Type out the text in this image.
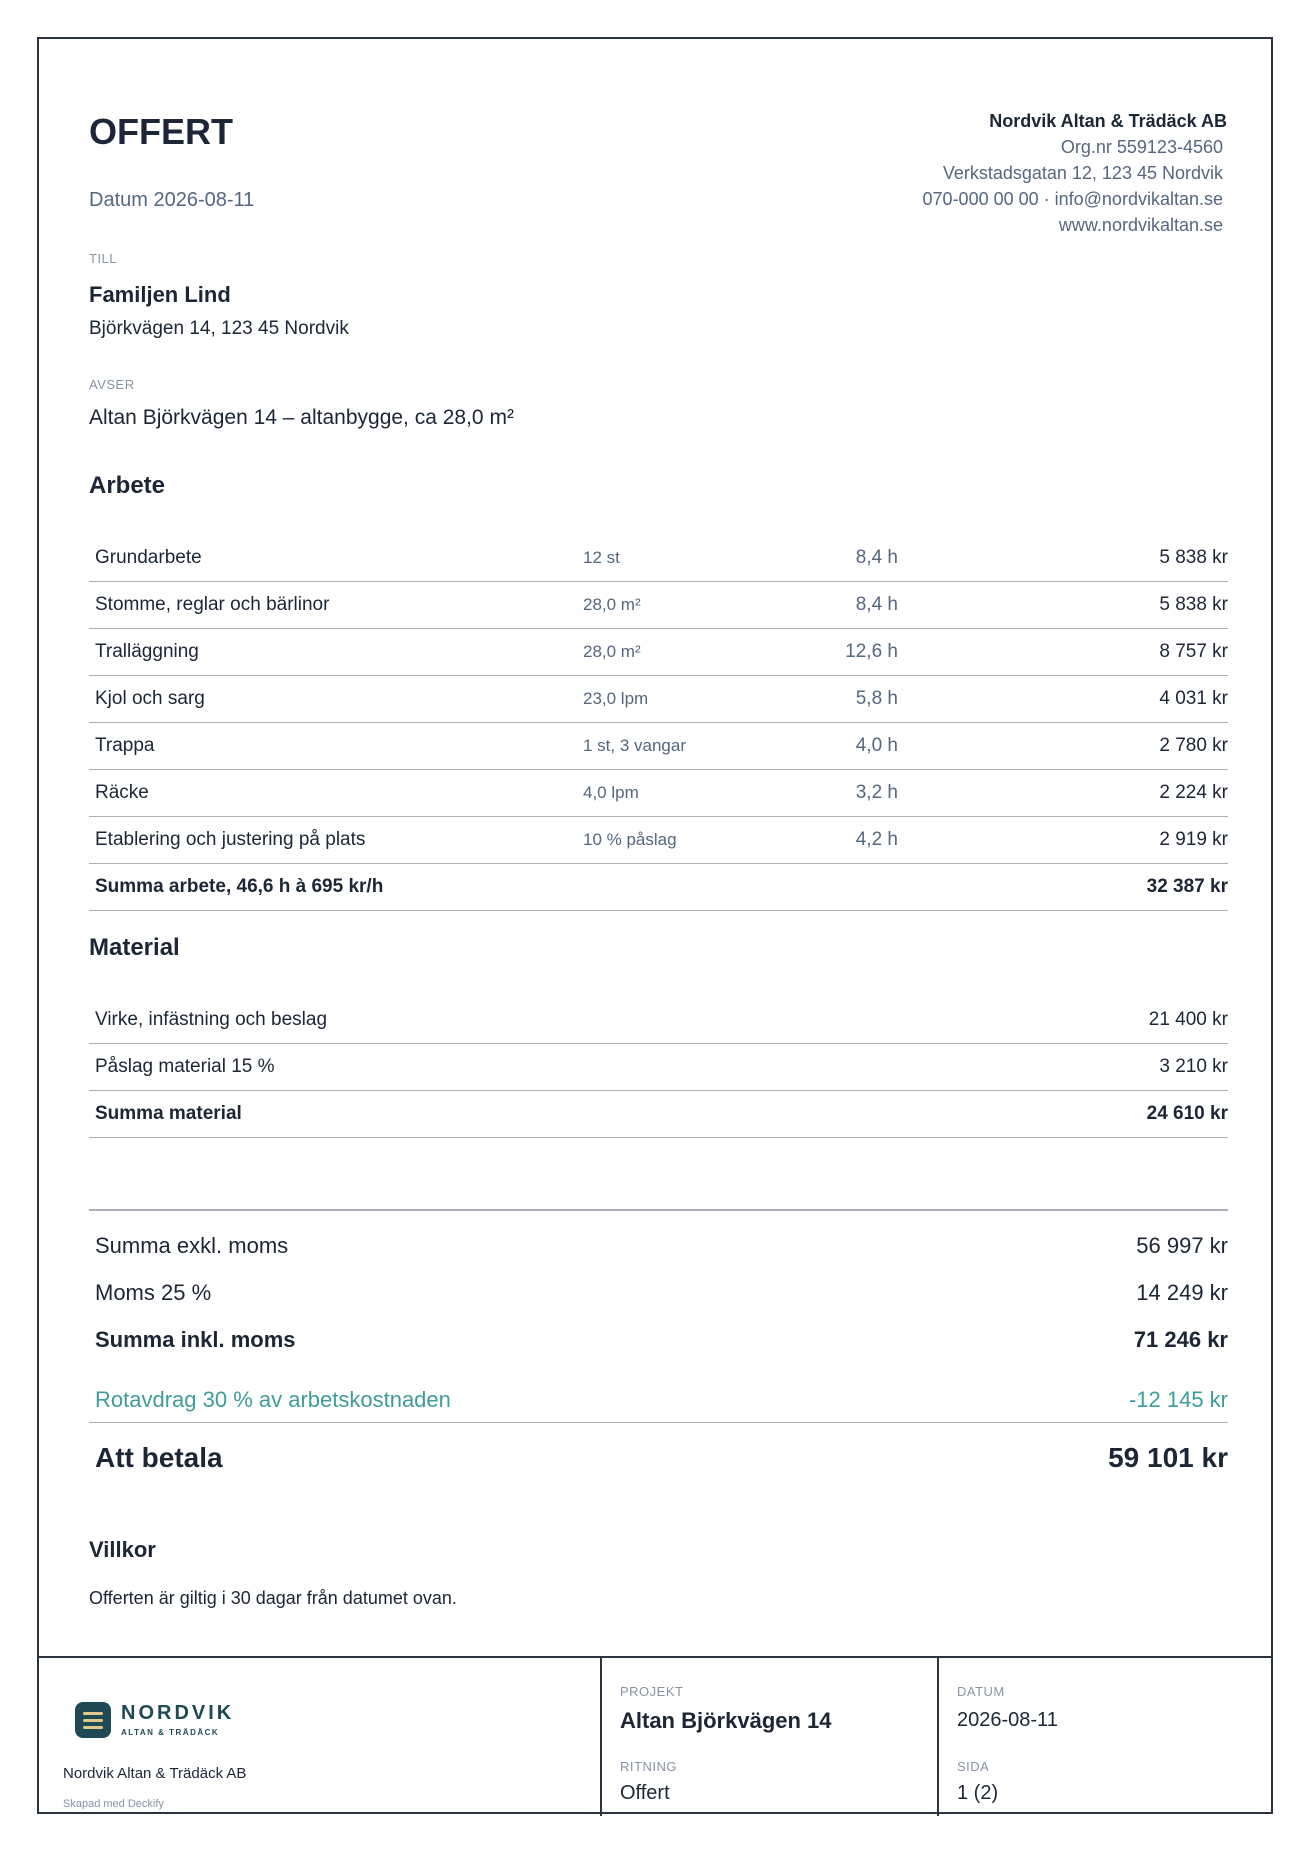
OFFERT
Datum 2026-08-11
Nordvik Altan & Trädäck AB
Org.nr 559123-4560
Verkstadsgatan 12, 123 45 Nordvik
070-000 00 00 · info@nordvikaltan.se
www.nordvikaltan.se
TILL
Familjen Lind
Björkvägen 14, 123 45 Nordvik
AVSER
Altan Björkvägen 14 – altanbygge, ca 28,0 m²
Arbete
Grundarbete	12 st	8,4 h	5 838 kr
Stomme, reglar och bärlinor	28,0 m²	8,4 h	5 838 kr
Tralläggning	28,0 m²	12,6 h	8 757 kr
Kjol och sarg	23,0 lpm	5,8 h	4 031 kr
Trappa	1 st, 3 vangar	4,0 h	2 780 kr
Räcke	4,0 lpm	3,2 h	2 224 kr
Etablering och justering på plats	10 % påslag	4,2 h	2 919 kr
Summa arbete, 46,6 h à 695 kr/h			32 387 kr
Material
Virke, infästning och beslag	21 400 kr
Påslag material 15 %	3 210 kr
Summa material	24 610 kr
Summa exkl. moms	56 997 kr
Moms 25 %	14 249 kr
Summa inkl. moms	71 246 kr
Rotavdrag 30 % av arbetskostnaden	-12 145 kr
Att betala	59 101 kr
Villkor
Offerten är giltig i 30 dagar från datumet ovan.
NORDVIK
ALTAN & TRÄDÄCK
Nordvik Altan & Trädäck AB
Skapad med Deckify
PROJEKT
Altan Björkvägen 14
RITNING
Offert
DATUM
2026-08-11
SIDA
1 (2)
